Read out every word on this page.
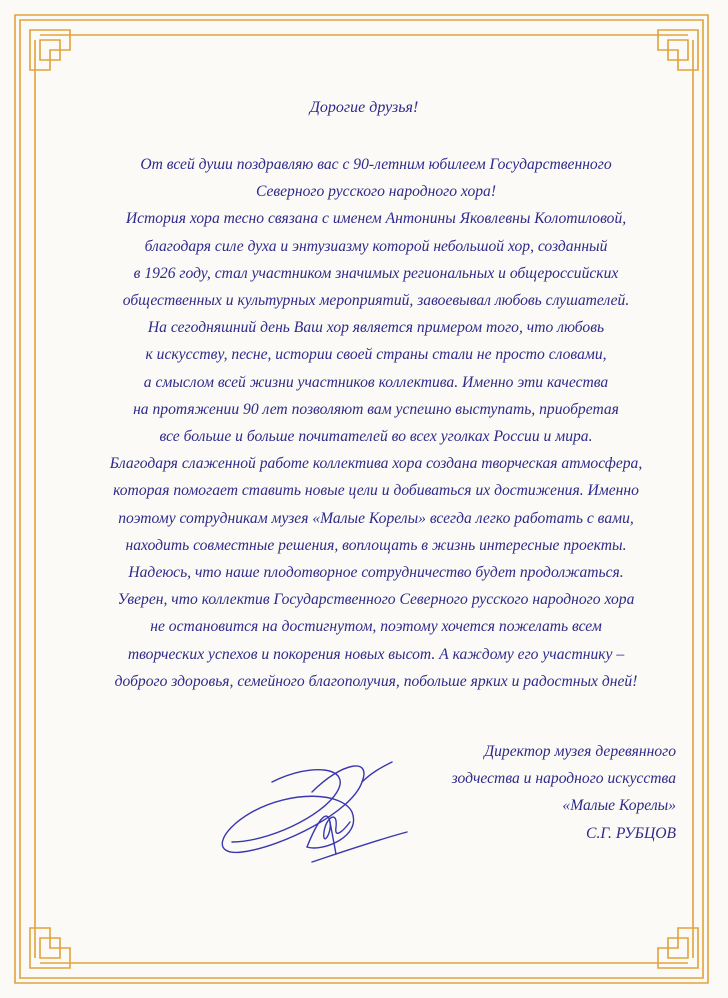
Дорогие друзья!
От всей души поздравляю вас с 90-летним юбилеем Государственного
Северного русского народного хора!
История хора тесно связана с именем Антонины Яковлевны Колотиловой,
благодаря силе духа и энтузиазму которой небольшой хор, созданный
в 1926 году, стал участником значимых региональных и общероссийских
общественных и культурных мероприятий, завоевывал любовь слушателей.
На сегодняшний день Ваш хор является примером того, что любовь
к искусству, песне, истории своей страны стали не просто словами,
а смыслом всей жизни участников коллектива. Именно эти качества
на протяжении 90 лет позволяют вам успешно выступать, приобретая
все больше и больше почитателей во всех уголках России и мира.
Благодаря слаженной работе коллектива хора создана творческая атмосфера,
которая помогает ставить новые цели и добиваться их достижения. Именно
поэтому сотрудникам музея «Малые Корелы» всегда легко работать с вами,
находить совместные решения, воплощать в жизнь интересные проекты.
Надеюсь, что наше плодотворное сотрудничество будет продолжаться.
Уверен, что коллектив Государственного Северного русского народного хора
не остановится на достигнутом, поэтому хочется пожелать всем
творческих успехов и покорения новых высот. А каждому его участнику –
доброго здоровья, семейного благополучия, побольше ярких и радостных дней!
Директор музея деревянного
зодчества и народного искусства
«Малые Корелы»
С.Г. РУБЦОВ
